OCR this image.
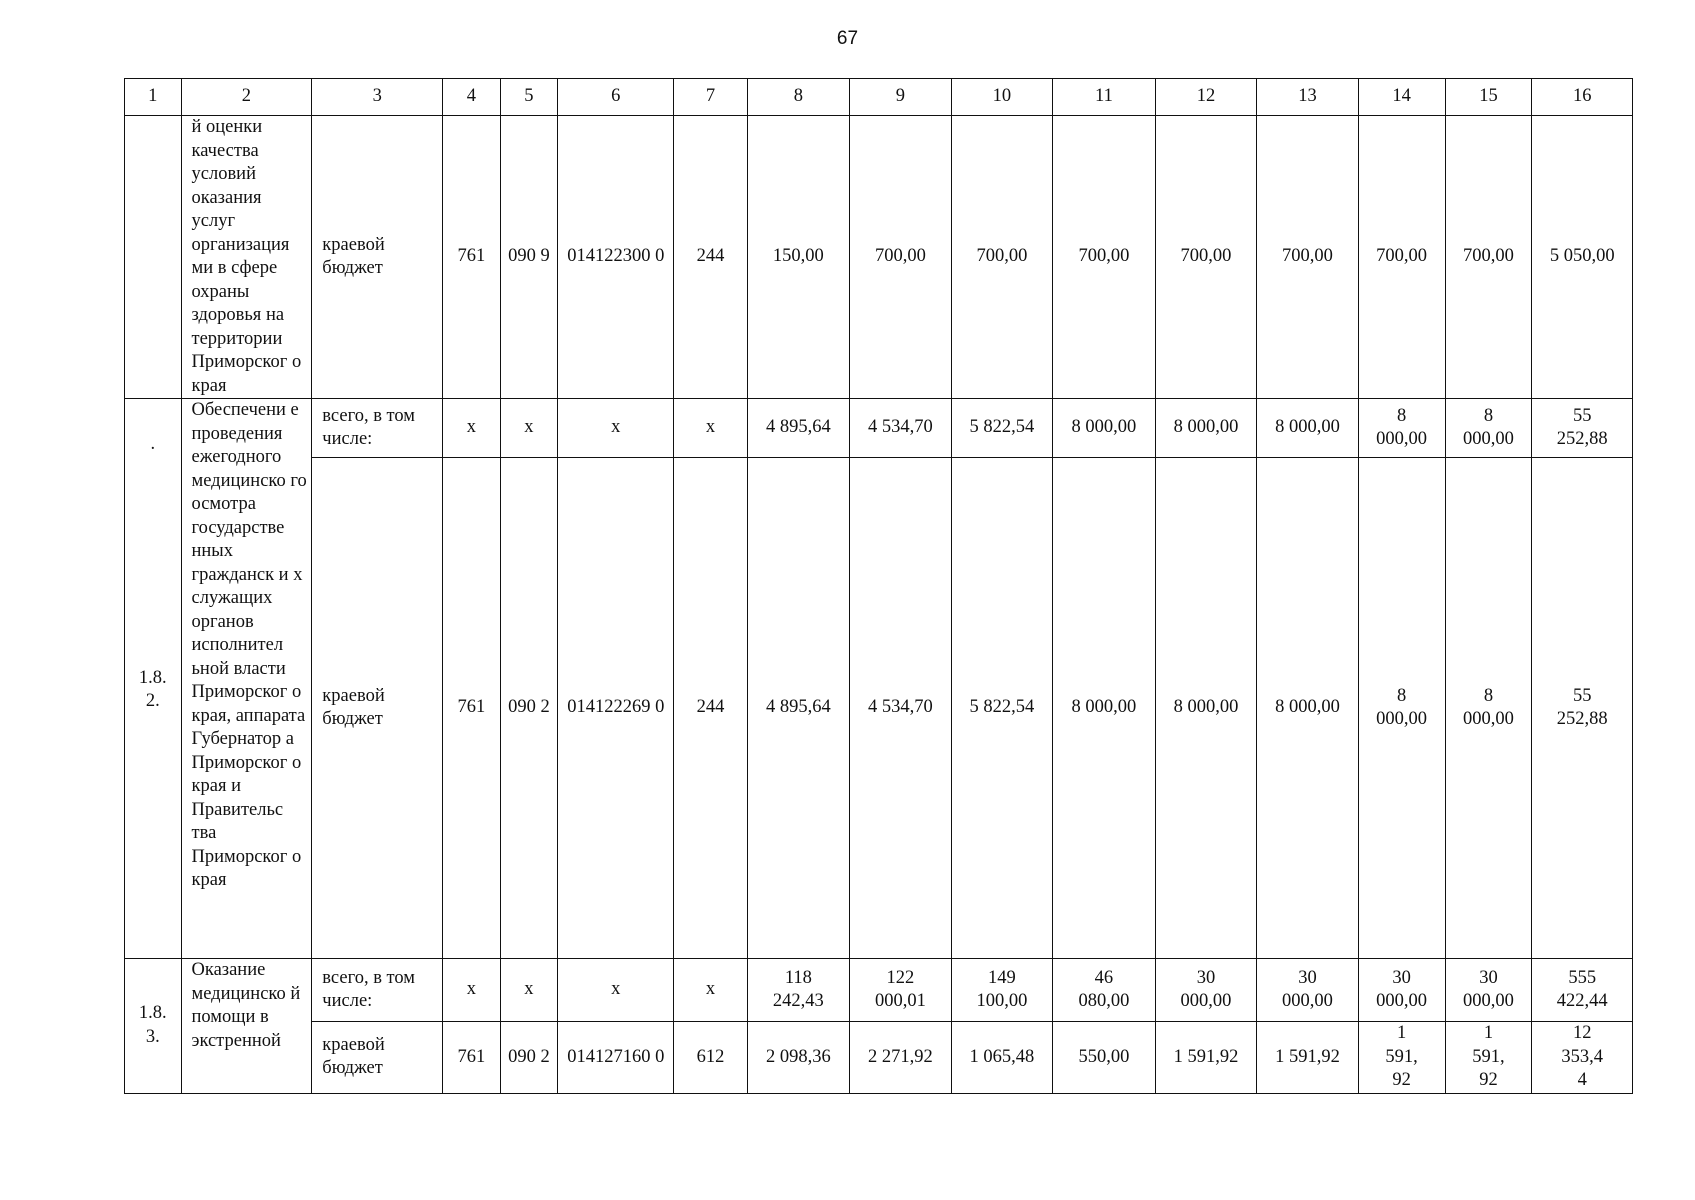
67
1	2	3	4	5	6	7	8	9	10	11	12	13	14	15	16
	й оценки качества условий оказания услуг организация ми в сфере охраны здоровья на территории Приморског о края	краевой бюджет	761	090 9	014122300 0	244	150,00	700,00	700,00	700,00	700,00	700,00	700,00	700,00	5 050,00

.
1.8. 2.	Обеспечени е проведения ежегодного медицинско го осмотра государстве нных гражданск и х служащих органов исполнител ьной власти Приморског о края, аппарата Губернатор а Приморског о края и Правительс тва Приморског о края	всего, в том числе:	x	x	x	x	4 895,64	4 534,70	5 822,54	8 000,00	8 000,00	8 000,00	8 000,00	8 000,00	55 252,88
		краевой бюджет	761	090 2	014122269 0	244	4 895,64	4 534,70	5 822,54	8 000,00	8 000,00	8 000,00	8 000,00	8 000,00	55 252,88

1.8. 3.	Оказание медицинско й помощи в экстренной	всего, в том числе:	x	x	x	x	118 242,43	122 000,01	149 100,00	46 080,00	30 000,00	30 000,00	30 000,00	30 000,00	555 422,44
		краевой бюджет	761	090 2	014127160 0	612	2 098,36	2 271,92	1 065,48	550,00	1 591,92	1 591,92	1 591,92	1 591,92	12 353,44
